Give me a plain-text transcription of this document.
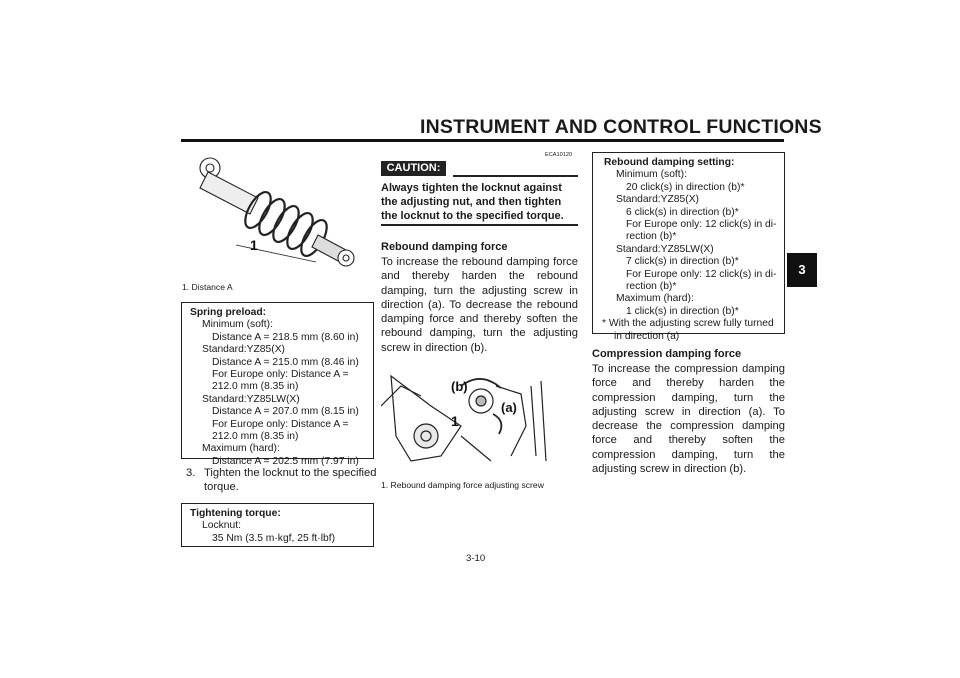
INSTRUMENT AND CONTROL FUNCTIONS
3
1
1. Distance A
Spring preload:
Minimum (soft):
Distance A = 218.5 mm (8.60 in)
Standard:YZ85(X)
Distance A = 215.0 mm (8.46 in)
For Europe only: Distance A =
212.0 mm (8.35 in)
Standard:YZ85LW(X)
Distance A = 207.0 mm (8.15 in)
For Europe only: Distance A =
212.0 mm (8.35 in)
Maximum (hard):
Distance A = 202.5 mm (7.97 in)
3. Tighten the locknut to the specified
torque.
Tightening torque:
Locknut:
35 Nm (3.5 m·kgf, 25 ft·lbf)
ECA10120
CAUTION:
Always tighten the locknut against the adjusting nut, and then tighten the locknut to the specified torque.
Rebound damping force
To increase the rebound damping force and thereby harden the rebound damping, turn the adjusting screw in direction (a). To decrease the rebound damping force and thereby soften the rebound damping, turn the adjusting screw in direction (b).
(b)
(a)
1
1. Rebound damping force adjusting screw
Rebound damping setting:
Minimum (soft):
20 click(s) in direction (b)*
Standard:YZ85(X)
6 click(s) in direction (b)*
For Europe only: 12 click(s) in di-
rection (b)*
Standard:YZ85LW(X)
7 click(s) in direction (b)*
For Europe only: 12 click(s) in di-
rection (b)*
Maximum (hard):
1 click(s) in direction (b)*
* With the adjusting screw fully turned
in direction (a)
Compression damping force
To increase the compression damping force and thereby harden the compression damping, turn the adjusting screw in direction (a). To decrease the compression damping force and thereby soften the compression damping, turn the adjusting screw in direction (b).
3-10
